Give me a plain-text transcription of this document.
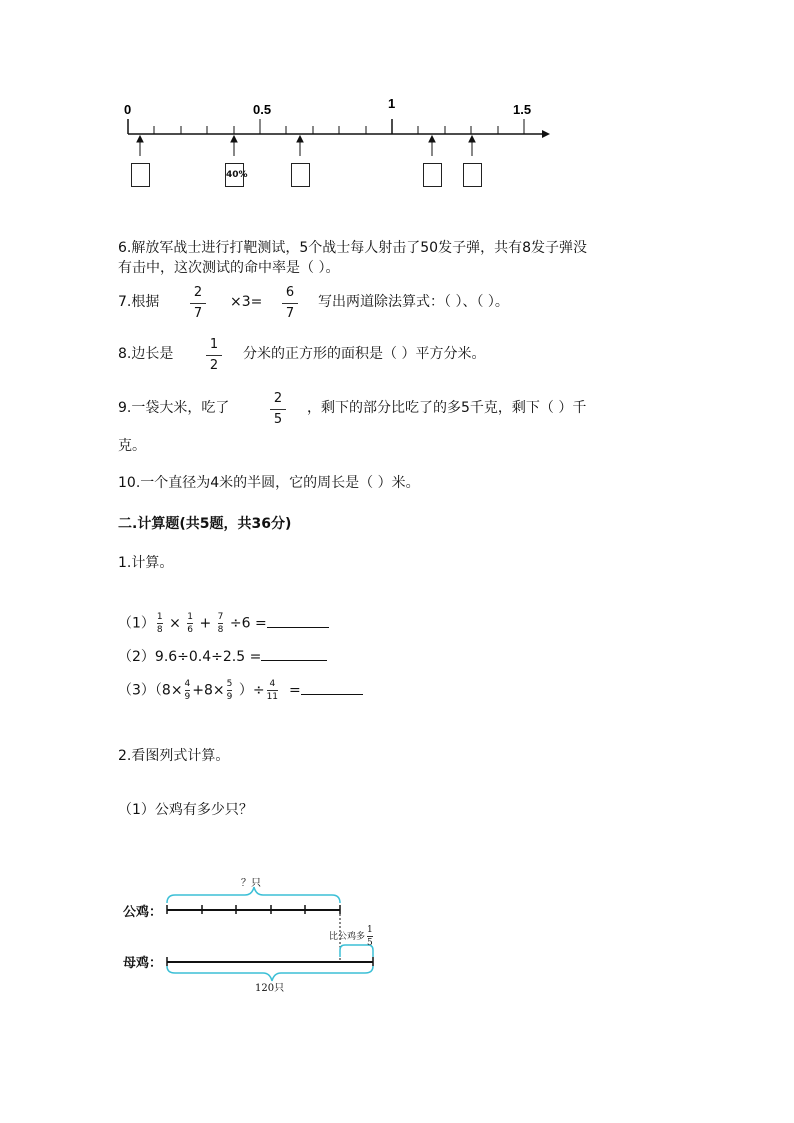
0	0.5	1	1.5
40%
6.解放军战士进行打靶测试，5个战士每人射击了50发子弹，共有8发子弹没
有击中，这次测试的命中率是（ ）。
7.根据
2
7
×3=
6
7
写出两道除法算式：（ ）、（ ）。
8.边长是
1
2
分米的正方形的面积是（ ）平方分米。
9.一袋大米，吃了
2
5
，剩下的部分比吃了的多5千克，剩下（ ）千
克。
10.一个直径为4米的半圆，它的周长是（ ）米。
二.计算题(共5题，共36分)
1.计算。
$(1) \frac{1}{8} \times \frac{1}{6} + \frac{7}{8} \div 6$ =
（2）9.6÷0.4÷2.5 =
$(3)(8\times \frac{4}{9} +8\times \frac{5}{9}$ ）÷ $\frac{4}{11}$ =
2.看图列式计算。
（1）公鸡有多少只？
公鸡：
母鸡：
？只
比公鸡多 $\frac{1}{5}$
120只
